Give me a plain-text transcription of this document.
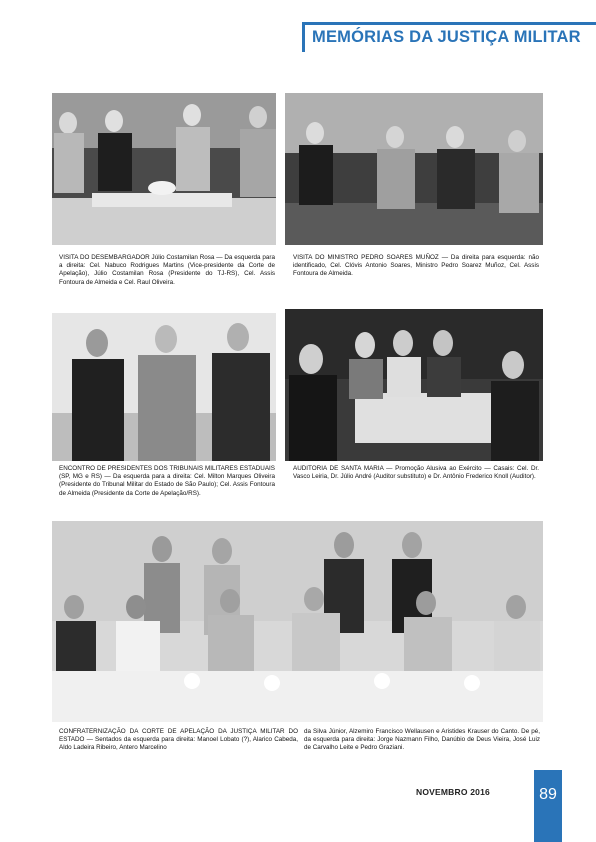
MEMÓRIAS DA JUSTIÇA MILITAR
VISITA DO DESEMBARGADOR Júlio Costamilan Rosa — Da esquerda para a direita: Cel. Nabuco Rodrigues Martins (Vice-presidente da Corte de Apelação), Júlio Costamilan Rosa (Presidente do TJ-RS), Cel. Assis Fontoura de Almeida e Cel. Raul Oliveira.
VISITA DO MINISTRO PEDRO SOARES MUÑOZ — Da direita para esquerda: não identificado, Cel. Clóvis Antonio Soares, Ministro Pedro Soarez Muñoz, Cel. Assis Fontoura de Almeida.
ENCONTRO DE PRESIDENTES DOS TRIBUNAIS MILITARES ESTADUAIS (SP, MG e RS) — Da esquerda para a direita: Cel. Milton Marques Oliveira (Presidente do Tribunal Militar do Estado de São Paulo); Cel. Assis Fontoura de Almeida (Presidente da Corte de Apelação/RS).
AUDITORIA DE SANTA MARIA — Promoção Alusiva ao Exército — Casais: Cel. Dr. Vasco Leiria, Dr. Júlio André (Auditor substituto) e Dr. Antônio Frederico Knoll (Auditor).
CONFRATERNIZAÇÃO DA CORTE DE APELAÇÃO DA JUSTIÇA MILITAR DO ESTADO — Sentados da esquerda para direita: Manoel Lobato (?), Alarico Cabeda, Aldo Ladeira Ribeiro, Antero Marcelino
da Silva Júnior, Alzemiro Francisco Wellausen e Aristides Krauser do Canto. De pé, da esquerda para direita: Jorge Nazmann Filho, Danúbio de Deus Vieira, José Luiz de Carvalho Leite e Pedro Graziani.
NOVEMBRO 2016	89
